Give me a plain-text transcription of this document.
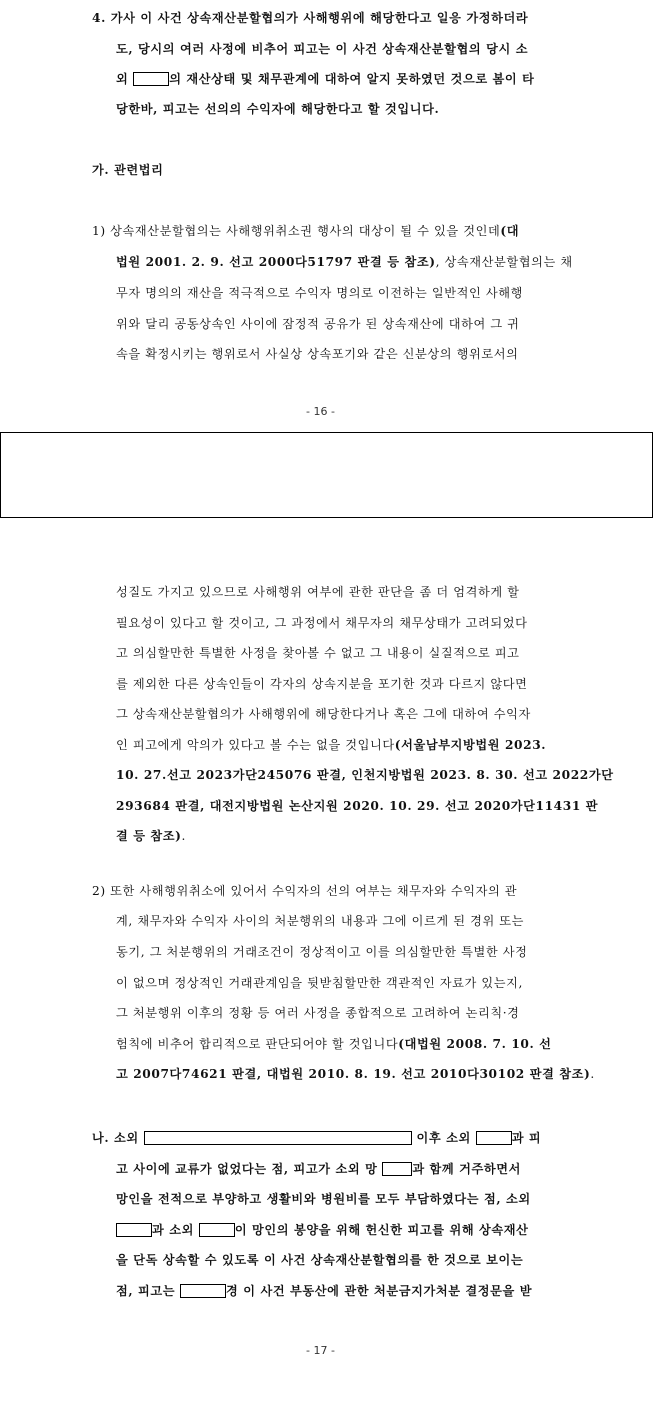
4. 가사 이 사건 상속재산분할협의가 사해행위에 해당한다고 일응 가정하더라
도, 당시의 여러 사정에 비추어 피고는 이 사건 상속재산분할협의 당시 소
외	의 재산상태 및 채무관계에 대하여 알지 못하였던 것으로 봄이 타
당한바, 피고는 선의의 수익자에 해당한다고 할 것입니다.
가. 관련법리
1) 상속재산분할협의는 사해행위취소권 행사의 대상이 될 수 있을 것인데(대
법원 2001. 2. 9. 선고 2000다51797 판결 등 참조), 상속재산분할협의는 채
무자 명의의 재산을 적극적으로 수익자 명의로 이전하는 일반적인 사해행
위와 달리 공동상속인 사이에 잠정적 공유가 된 상속재산에 대하여 그 귀
속을 확정시키는 행위로서 사실상 상속포기와 같은 신분상의 행위로서의
- 16 -
성질도 가지고 있으므로 사해행위 여부에 관한 판단을 좀 더 엄격하게 할
필요성이 있다고 할 것이고, 그 과정에서 채무자의 채무상태가 고려되었다
고 의심할만한 특별한 사정을 찾아볼 수 없고 그 내용이 실질적으로 피고
를 제외한 다른 상속인들이 각자의 상속지분을 포기한 것과 다르지 않다면
그 상속재산분할협의가 사해행위에 해당한다거나 혹은 그에 대하여 수익자
인 피고에게 악의가 있다고 볼 수는 없을 것입니다(서울남부지방법원 2023.
10. 27.선고 2023가단245076 판결, 인천지방법원 2023. 8. 30. 선고 2022가단
293684 판결, 대전지방법원 논산지원 2020. 10. 29. 선고 2020가단11431 판
결 등 참조).
2) 또한 사해행위취소에 있어서 수익자의 선의 여부는 채무자와 수익자의 관
계, 채무자와 수익자 사이의 처분행위의 내용과 그에 이르게 된 경위 또는
동기, 그 처분행위의 거래조건이 정상적이고 이를 의심할만한 특별한 사정
이 없으며 정상적인 거래관계임을 뒷받침할만한 객관적인 자료가 있는지,
그 처분행위 이후의 정황 등 여러 사정을 종합적으로 고려하여 논리칙·경
험칙에 비추어 합리적으로 판단되어야 할 것입니다(대법원 2008. 7. 10. 선
고 2007다74621 판결, 대법원 2010. 8. 19. 선고 2010다30102 판결 참조).
나. 소외	이후 소외	과 피
고 사이에 교류가 없었다는 점, 피고가 소외 망	과 함께 거주하면서
망인을 전적으로 부양하고 생활비와 병원비를 모두 부담하였다는 점, 소외
과 소외	이 망인의 봉양을 위해 헌신한 피고를 위해 상속재산
을 단독 상속할 수 있도록 이 사건 상속재산분할협의를 한 것으로 보이는
점, 피고는	경 이 사건 부동산에 관한 처분금지가처분 결정문을 받
- 17 -
